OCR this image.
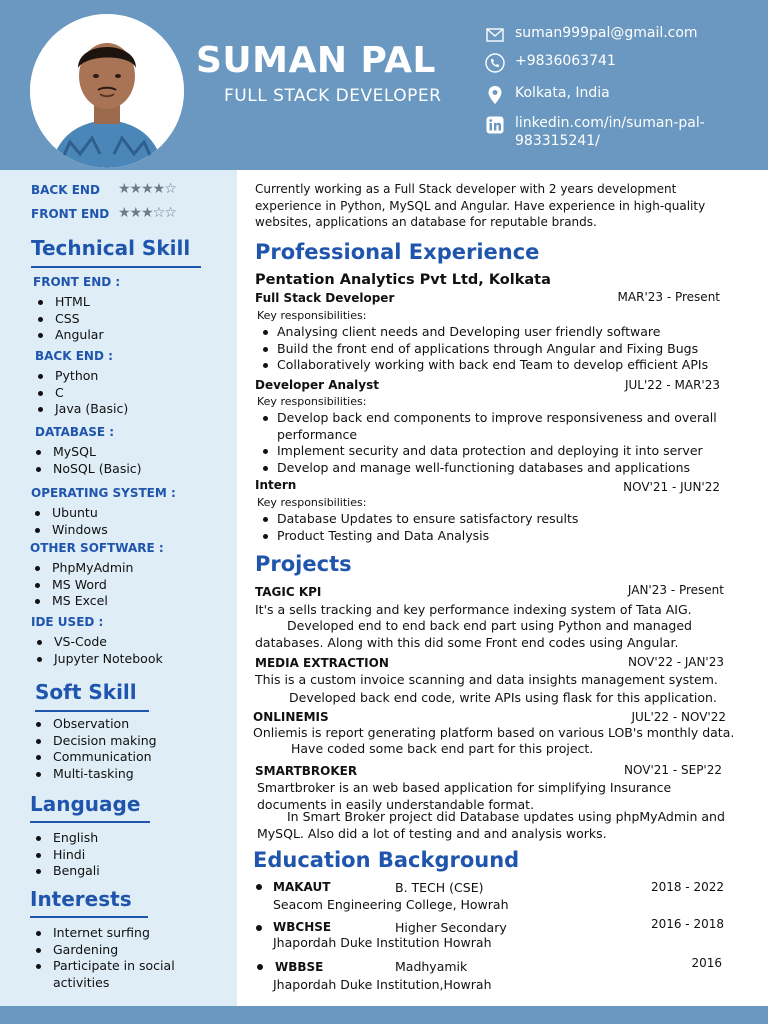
SUMAN PAL
FULL STACK DEVELOPER
suman999pal@gmail.com
+9836063741
Kolkata, India
linkedin.com/in/suman-pal-
983315241/
BACK END ★★★★☆
FRONT END ★★★☆☆
Technical Skill
FRONT END :
HTML
CSS
Angular
BACK END :
Python
C
Java (Basic)
DATABASE :
MySQL
NoSQL (Basic)
OPERATING SYSTEM :
Ubuntu
Windows
OTHER SOFTWARE :
PhpMyAdmin
MS Word
MS Excel
IDE USED :
VS-Code
Jupyter Notebook
Soft Skill
Observation
Decision making
Communication
Multi-tasking
Language
English
Hindi
Bengali
Interests
Internet surfing
Gardening
Participate in social
activities
Currently working as a Full Stack developer with 2 years development experience in Python, MySQL and Angular. Have experience in high-quality websites, applications an database for reputable brands.
Professional Experience
Pentation Analytics Pvt Ltd, Kolkata
Full Stack Developer	MAR'23 - Present
Key responsibilities:
Analysing client needs and Developing user friendly software
Build the front end of applications through Angular and Fixing Bugs
Collaboratively working with back end Team to develop efficient APIs
Developer Analyst	JUL'22 - MAR'23
Key responsibilities:
Develop back end components to improve responsiveness and overall performance
Implement security and data protection and deploying it into server
Develop and manage well-functioning databases and applications
Intern	NOV'21 - JUN'22
Key responsibilities:
Database Updates to ensure satisfactory results
Product Testing and Data Analysis
Projects
TAGIC KPI	JAN'23 - Present
It's a sells tracking and key performance indexing system of Tata AIG.
Developed end to end back end part using Python and managed databases. Along with this did some Front end codes using Angular.
MEDIA EXTRACTION	NOV'22 - JAN'23
This is a custom invoice scanning and data insights management system.
Developed back end code, write APIs using flask for this application.
ONLINEMIS	JUL'22 - NOV'22
Onliemis is report generating platform based on various LOB's monthly data.
Have coded some back end part for this project.
SMARTBROKER	NOV'21 - SEP'22
Smartbroker is an web based application for simplifying Insurance documents in easily understandable format.
In Smart Broker project did Database updates using phpMyAdmin and MySQL. Also did a lot of testing and and analysis works.
Education Background
MAKAUT	B. TECH (CSE)	2018 - 2022
Seacom Engineering College, Howrah
WBCHSE	Higher Secondary	2016 - 2018
Jhapordah Duke Institution Howrah
WBBSE	Madhyamik	2016
Jhapordah Duke Institution,Howrah
